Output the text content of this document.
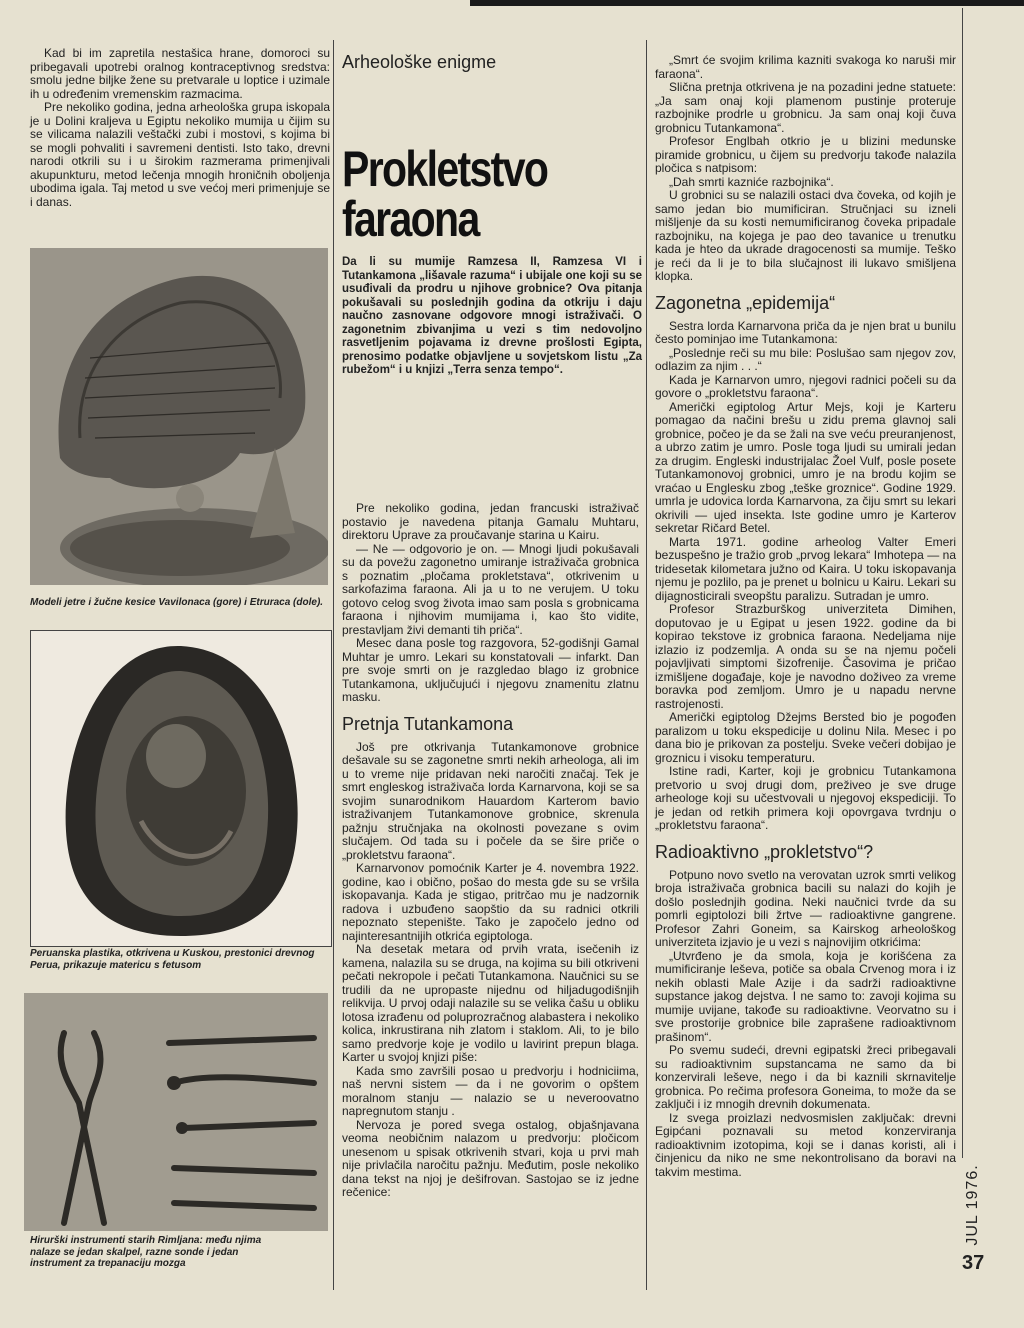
Kad bi im zapretila nestašica hrane, domoroci su pribegavali upotrebi oralnog kontraceptivnog sredstva: smolu jedne biljke žene su pretvarale u loptice i uzimale ih u određenim vremenskim razmacima.

Pre nekoliko godina, jedna arheološka grupa iskopala je u Dolini kraljeva u Egiptu nekoliko mumija u čijim su se vilicama nalazili veštački zubi i mostovi, s kojima bi se mogli pohvaliti i savremeni dentisti. Isto tako, drevni narodi otkrili su i u širokim razmerama primenjivali akupunkturu, metod lečenja mnogih hroničnih oboljenja ubodima igala. Taj metod u sve većoj meri primenjuje se i danas.

Modeli jetre i žučne kesice Vavilonaca (gore) i Etruraca (dole).
Peruanska plastika, otkrivena u Kuskou, prestonici drevnog Perua, prikazuje matericu s fetusom
Hirurški instrumenti starih Rimljana: među njima nalaze se jedan skalpel, razne sonde i jedan instrument za trepanaciju mozga
Arheološke enigme
Prokletstvo
faraona
Da li su mumije Ramzesa II, Ramzesa VI i Tutankamona „lišavale razuma“ i ubijale one koji su se usuđivali da prodru u njihove grobnice? Ova pitanja pokušavali su poslednjih godina da otkriju i daju naučno zasnovane odgovore mnogi istraživači. O zagonetnim zbivanjima u vezi s tim nedovoljno rasvetljenim pojavama iz drevne prošlosti Egipta, prenosimo podatke objavljene u sovjetskom listu „Za rubežom“ i u knjizi „Terra senza tempo“.

Pre nekoliko godina, jedan francuski istraživač postavio je navedena pitanja Gamalu Muhtaru, direktoru Uprave za proučavanje starina u Kairu.

— Ne — odgovorio je on. — Mnogi ljudi pokušavali su da povežu zagonetno umiranje istraživača grobnica s poznatim „pločama prokletstava“, otkrivenim u sarkofazima faraona. Ali ja u to ne verujem. U toku gotovo celog svog života imao sam posla s grobnicama faraona i njihovim mumijama i, kao što vidite, prestavljam živi demanti tih priča“.

Mesec dana posle tog razgovora, 52-godišnji Gamal Muhtar je umro. Lekari su konstatovali — infarkt. Dan pre svoje smrti on je razgledao blago iz grobnice Tutankamona, uključujući i njegovu znamenitu zlatnu masku.

Pretnja Tutankamona

Još pre otkrivanja Tutankamonove grobnice dešavale su se zagonetne smrti nekih arheologa, ali im u to vreme nije pridavan neki naročiti značaj. Tek je smrt engleskog istraživača lorda Karnarvona, koji se sa svojim sunarodnikom Hauardom Karterom bavio istraživanjem Tutankamonove grobnice, skrenula pažnju stručnjaka na okolnosti povezane s ovim slučajem. Od tada su i počele da se šire priče o „prokletstvu faraona“.

Karnarvonov pomoćnik Karter je 4. novembra 1922. godine, kao i obično, pošao do mesta gde su se vršila iskopavanja. Kada je stigao, pritrčao mu je nadzornik radova i uzbuđeno saopštio da su radnici otkrili nepoznato stepenište. Tako je započelo jedno od najinteresantnijih otkrića egiptologa.

Na desetak metara od prvih vrata, isečenih iz kamena, nalazila su se druga, na kojima su bili otkriveni pečati nekropole i pečati Tutankamona. Naučnici su se trudili da ne upropaste nijednu od hiljadugodišnjih relikvija. U prvoj odaji nalazile su se velika čašu u obliku lotosa izrađenu od poluprozračnog alabastera i nekoliko kolica, inkrustirana nih zlatom i staklom. Ali, to je bilo samo predvorje koje je vodilo u lavirint prepun blaga. Karter u svojoj knjizi piše:

Kada smo završili posao u predvorju i hodniciima, naš nervni sistem — da i ne govorim o opštem moralnom stanju — nalazio se u neveroovatno napregnutom stanju .

Nervoza je pored svega ostalog, objašnjavana veoma neobičnim nalazom u predvorju: pločicom unesenom u spisak otkrivenih stvari, koja u prvi mah nije privlačila naročitu pažnju. Međutim, posle nekoliko dana tekst na njoj je dešifrovan. Sastojao se iz jedne rečenice:

„Smrt će svojim krilima kazniti svakoga ko naruši mir faraona“.

Slična pretnja otkrivena je na pozadini jedne statuete: „Ja sam onaj koji plamenom pustinje proteruje razbojnike prodrle u grobnicu. Ja sam onaj koji čuva grobnicu Tutankamona“.

Profesor Englbah otkrio je u blizini medunske piramide grobnicu, u čijem su predvorju takođe nalazila pločica s natpisom:

„Dah smrti kazniće razbojnika“.

U grobnici su se nalazili ostaci dva čoveka, od kojih je samo jedan bio mumificiran. Stručnjaci su izneli mišljenje da su kosti nemumificiranog čoveka pripadale razbojniku, na kojega je pao deo tavanice u trenutku kada je hteo da ukrade dragocenosti sa mumije. Teško je reći da li je to bila slučajnost ili lukavo smišljena klopka.

Zagonetna „epidemija“

Sestra lorda Karnarvona priča da je njen brat u bunilu često pominjao ime Tutankamona:

„Poslednje reči su mu bile: Poslušao sam njegov zov, odlazim za njim . . .“

Kada je Karnarvon umro, njegovi radnici počeli su da govore o „prokletstvu faraona“.

Američki egiptolog Artur Mejs, koji je Karteru pomagao da načini brešu u zidu prema glavnoj sali grobnice, počeo je da se žali na sve veću preuranjenost, a ubrzo zatim je umro. Posle toga ljudi su umirali jedan za drugim. Engleski industrijalac Žoel Vulf, posle posete Tutankamonovoj grobnici, umro je na brodu kojim se vraćao u Englesku zbog „teške groznice“. Godine 1929. umrla je udovica lorda Karnarvona, za čiju smrt su lekari okrivili — ujed insekta. Iste godine umro je Karterov sekretar Ričard Betel.

Marta 1971. godine arheolog Valter Emeri bezuspešno je tražio grob „prvog lekara“ Imhotepa — na tridesetak kilometara južno od Kaira. U toku iskopavanja njemu je pozlilo, pa je prenet u bolnicu u Kairu. Lekari su dijagnosticirali sveopštu paralizu. Sutradan je umro.

Profesor Strazburškog univerziteta Dimihen, doputovao je u Egipat u jesen 1922. godine da bi kopirao tekstove iz grobnica faraona. Nedeljama nije izlazio iz podzemlja. A onda su se na njemu počeli pojavljivati simptomi šizofrenije. Časovima je pričao izmišljene događaje, koje je navodno doživeo za vreme boravka pod zemljom. Umro je u napadu nervne rastrojenosti.

Američki egiptolog Džejms Bersted bio je pogođen paralizom u toku ekspedicije u dolinu Nila. Mesec i po dana bio je prikovan za postelju. Sveke večeri dobijao je groznicu i visoku temperaturu.

Istine radi, Karter, koji je grobnicu Tutankamona pretvorio u svoj drugi dom, preživeo je sve druge arheologe koji su učestvovali u njegovoj ekspediciji. To je jedan od retkih primera koji opovrgava tvrdnju o „prokletstvu faraona“.

Radioaktivno „prokletstvo“?

Potpuno novo svetlo na verovatan uzrok smrti velikog broja istraživača grobnica bacili su nalazi do kojih je došlo poslednjih godina. Neki naučnici tvrde da su pomrli egiptolozi bili žrtve — radioaktivne gangrene. Profesor Zahri Goneim, sa Kairskog arheološkog univerziteta izjavio je u vezi s najnovijim otkrićima:

„Utvrđeno je da smola, koja je korišćena za mumificiranje leševa, potiče sa obala Crvenog mora i iz nekih oblasti Male Azije i da sadrži radioaktivne supstance jakog dejstva. I ne samo to: zavoji kojima su mumije uvijane, takođe su radioaktivne. Veorvatno su i sve prostorije grobnice bile zaprašene radioaktivnom prašinom“.

Po svemu sudeći, drevni egipatski žreci pribegavali su radioaktivnim supstancama ne samo da bi konzervirali leševe, nego i da bi kaznili skrnavitelje grobnica. Po rečima profesora Goneima, to može da se zaključi i iz mnogih drevnih dokumenata.

Iz svega proizlazi nedvosmislen zaključak: drevni Egipćani poznavali su metod konzerviranja radioaktivnim izotopima, koji se i danas koristi, ali i činjenicu da niko ne sme nekontrolisano da boravi na takvim mestima.	JUL 1976.
37
